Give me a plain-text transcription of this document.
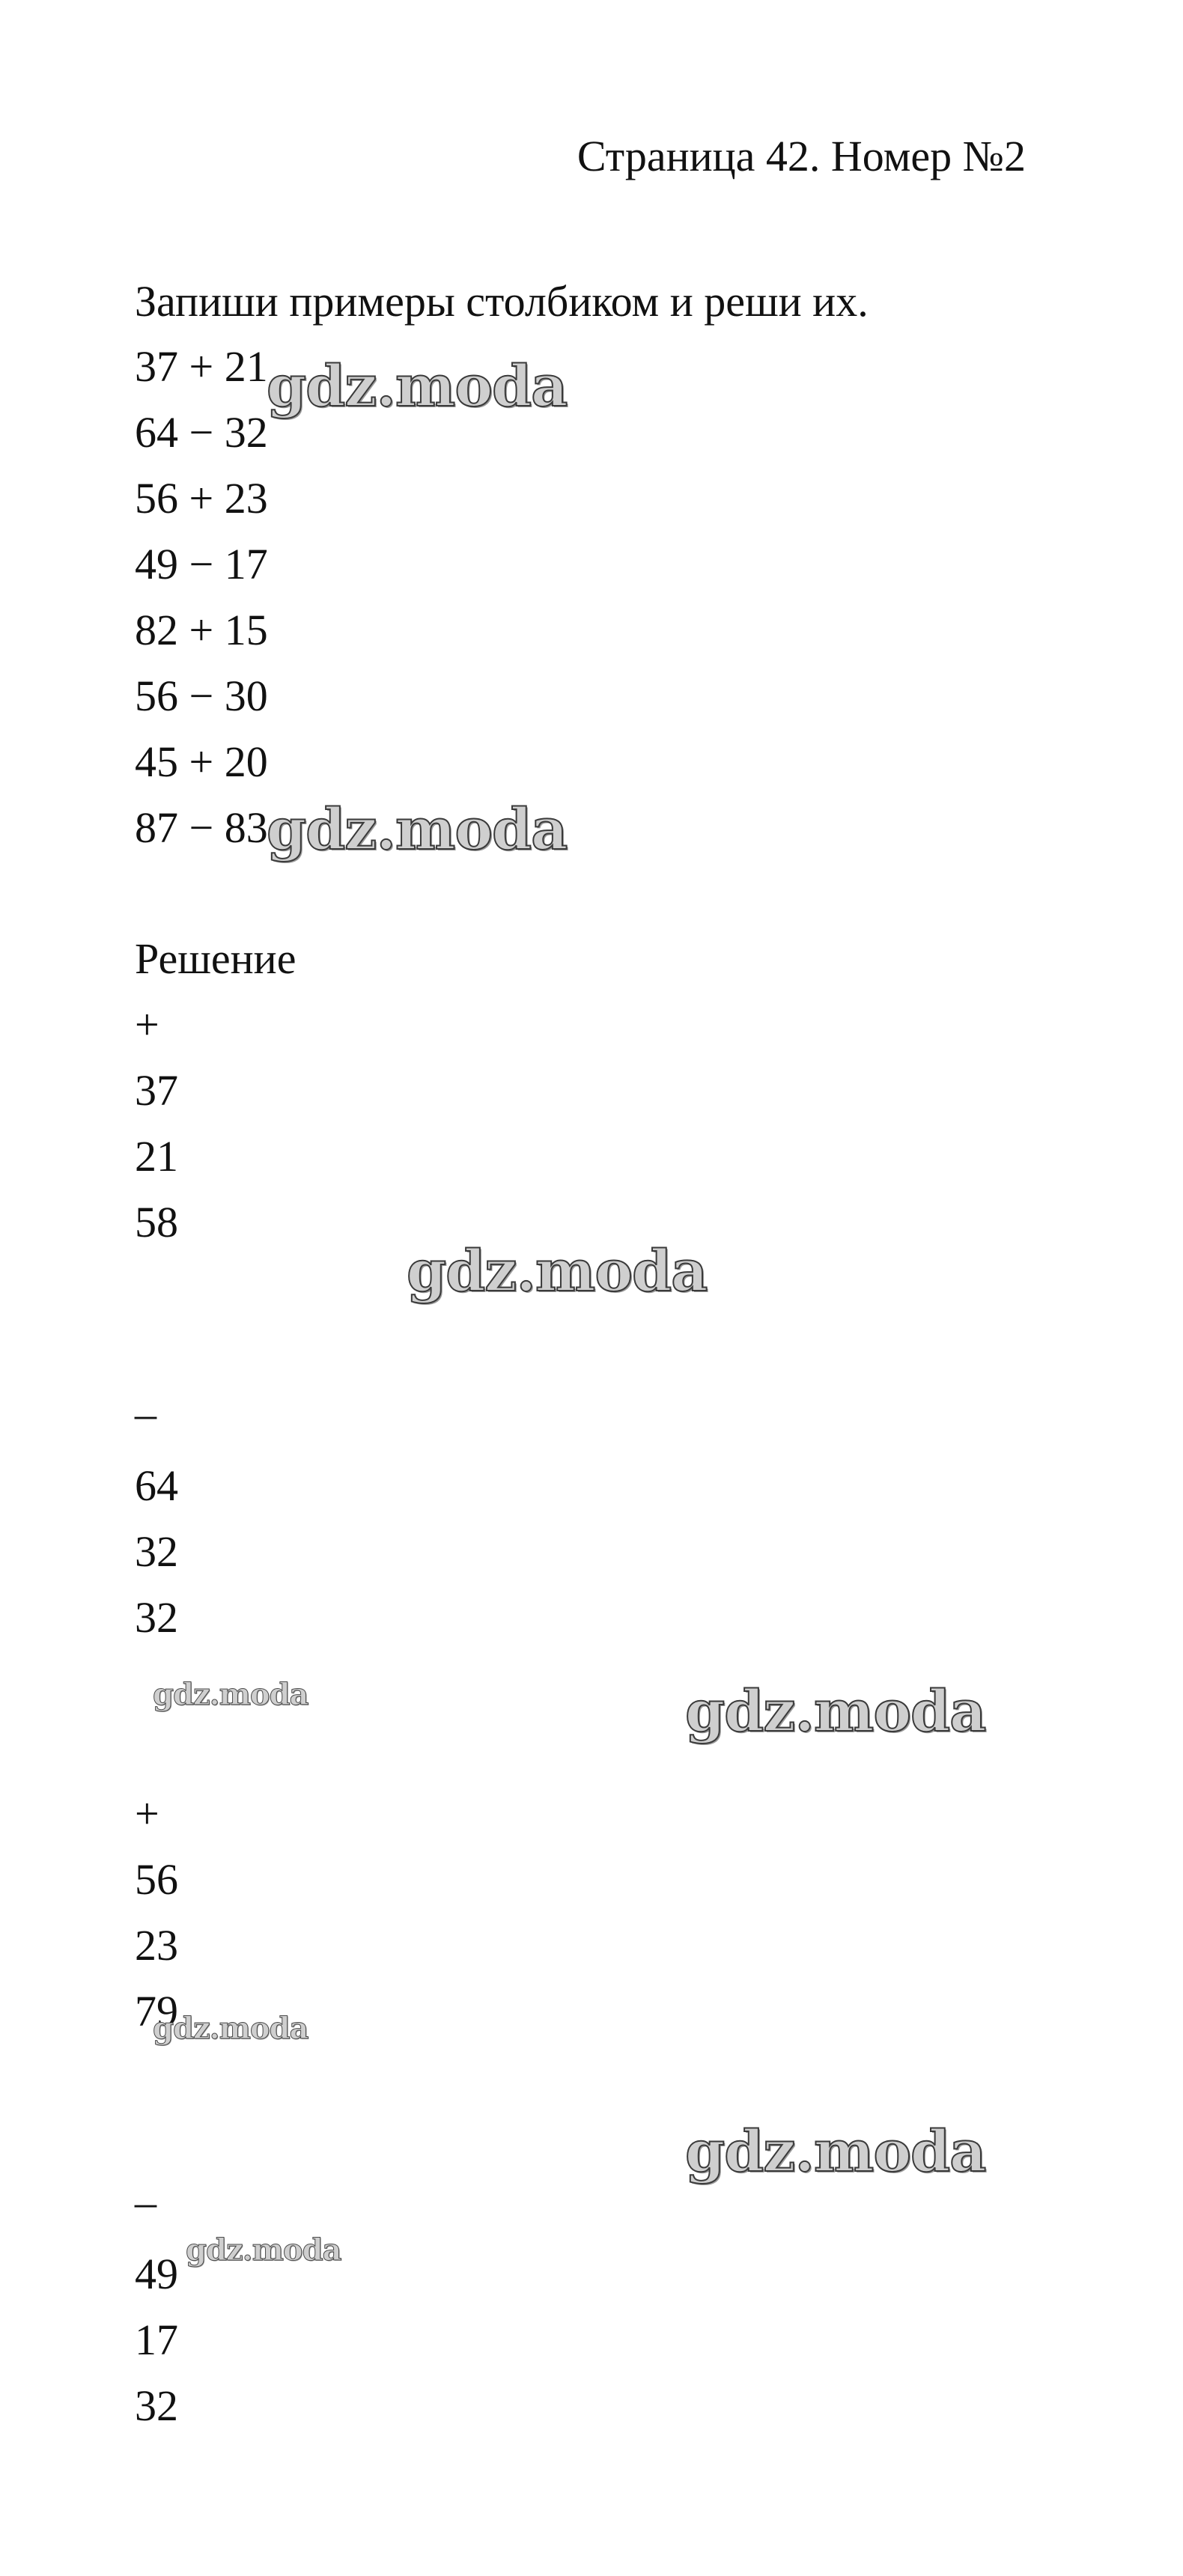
Страница 42. Номер №2
Запиши примеры столбиком и реши их.
37 + 21
64 − 32
56 + 23
49 − 17
82 + 15
56 − 30
45 + 20
87 − 83
Решение
+
37
21
58
_
64
32
32
+
56
23
79
_
49
17
32
gdz.moda
gdz.moda
gdz.moda
gdz.moda	gdz.moda
gdz.moda
gdz.moda
gdz.moda
